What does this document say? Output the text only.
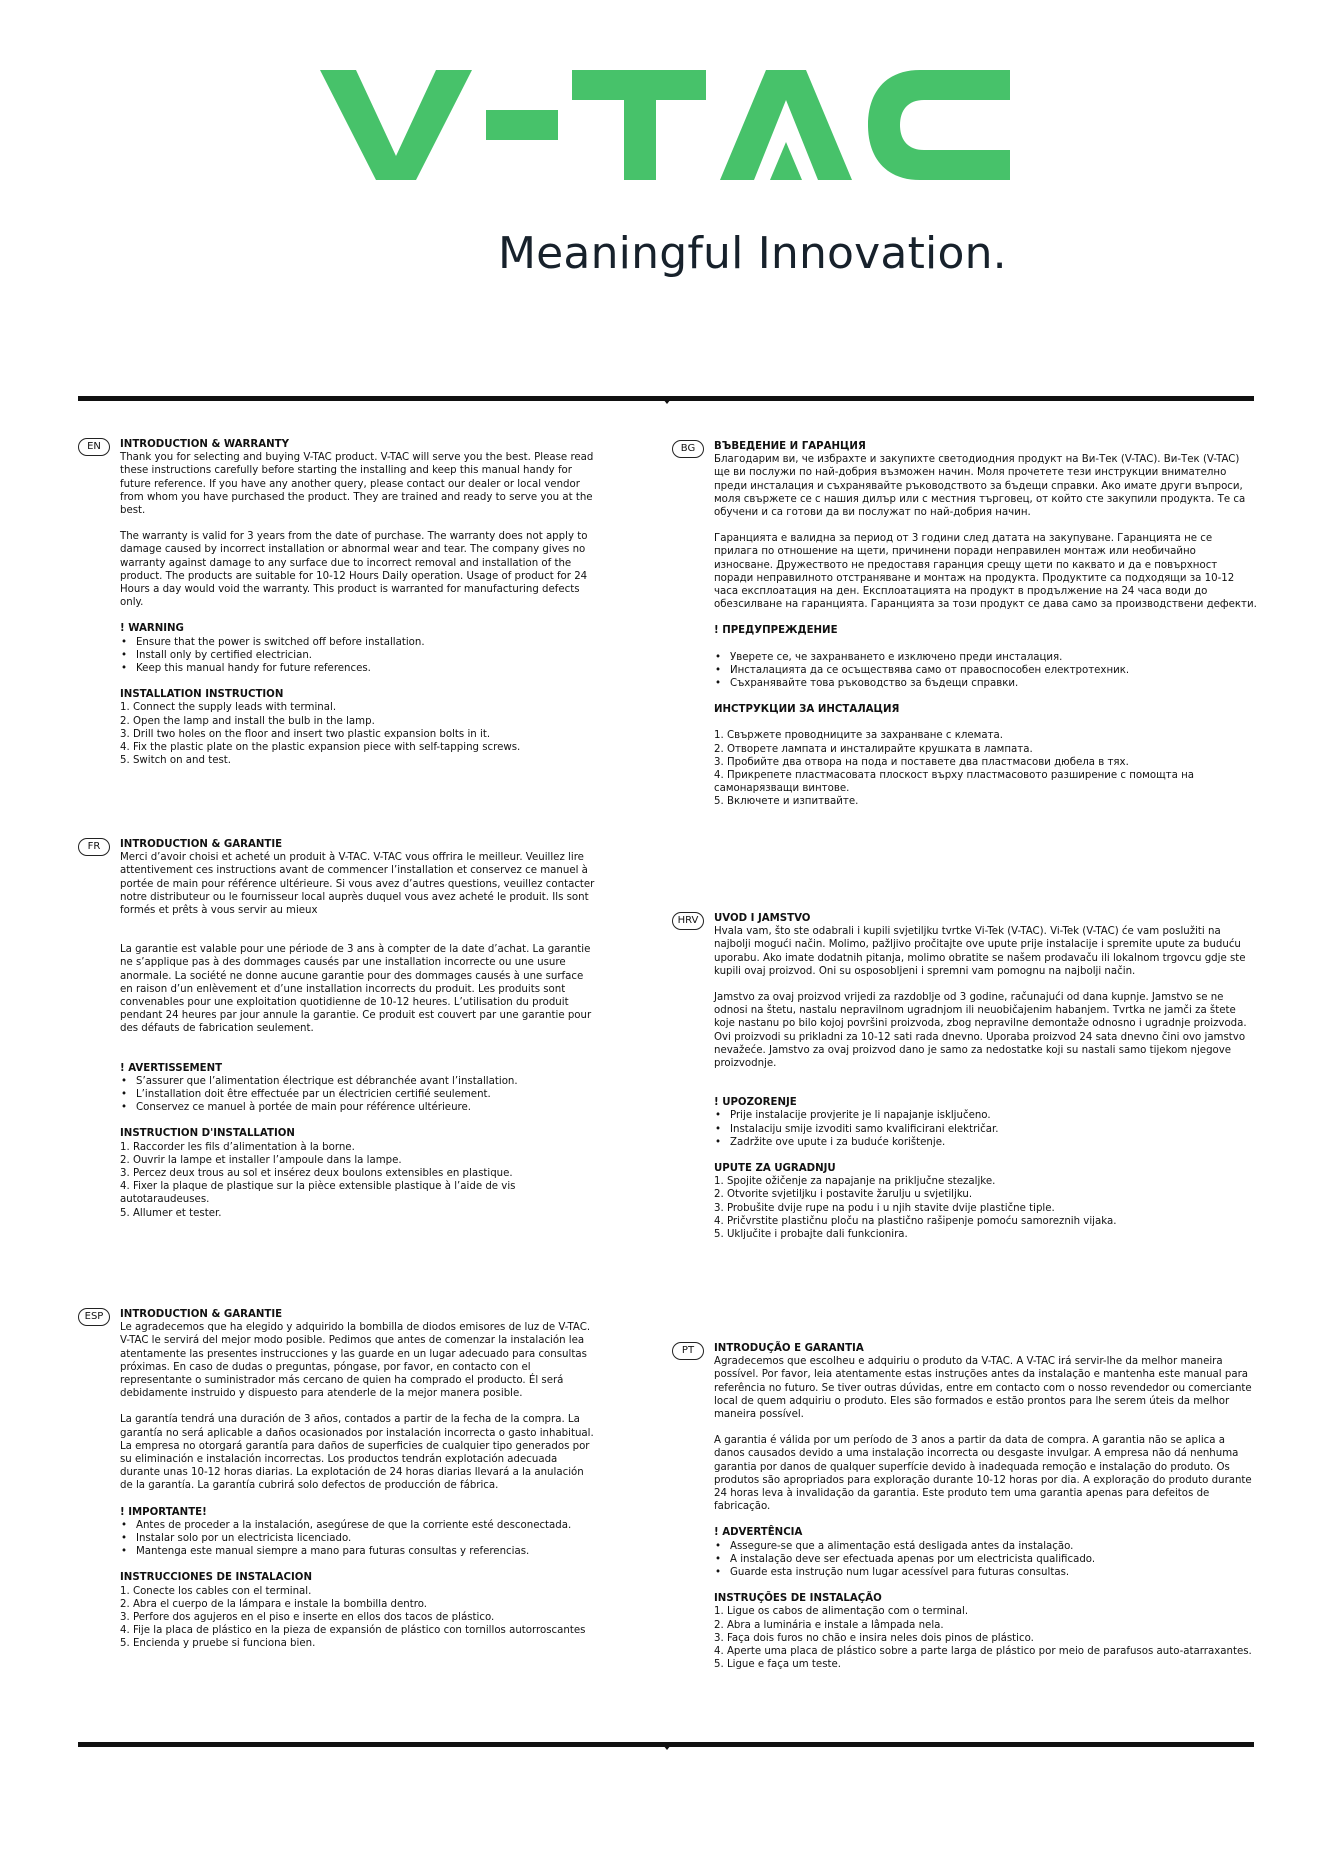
Meaningful Innovation.
EN	INTRODUCTION & WARRANTY

Thank you for selecting and buying V-TAC product. V-TAC will serve you the best. Please read these instructions carefully before starting the installing and keep this manual handy for future reference. If you have any another query, please contact our dealer or local vendor from whom you have purchased the product. They are trained and ready to serve you at the best.

The warranty is valid for 3 years from the date of purchase. The warranty does not apply to damage caused by incorrect installation or abnormal wear and tear. The company gives no warranty against damage to any surface due to incorrect removal and installation of the product. The products are suitable for 10-12 Hours Daily operation. Usage of product for 24 Hours a day would void the warranty. This product is warranted for manufacturing defects only.

! WARNING
• Ensure that the power is switched off before installation.
• Install only by certified electrician.
• Keep this manual handy for future references.
INSTALLATION INSTRUCTION
1. Connect the supply leads with terminal.
2. Open the lamp and install the bulb in the lamp.
3. Drill two holes on the floor and insert two plastic expansion bolts in it.
4. Fix the plastic plate on the plastic expansion piece with self-tapping screws.
5. Switch on and test.
FR	INTRODUCTION & GARANTIE

Merci d’avoir choisi et acheté un produit à V-TAC. V-TAC vous offrira le meilleur. Veuillez lire attentivement ces instructions avant de commencer l’installation et conservez ce manuel à portée de main pour référence ultérieure. Si vous avez d’autres questions, veuillez contacter notre distributeur ou le fournisseur local auprès duquel vous avez acheté le produit. Ils sont formés et prêts à vous servir au mieux

La garantie est valable pour une période de 3 ans à compter de la date d’achat. La garantie ne s’applique pas à des dommages causés par une installation incorrecte ou une usure anormale. La société ne donne aucune garantie pour des dommages causés à une surface en raison d’un enlèvement et d’une installation incorrects du produit. Les produits sont convenables pour une exploitation quotidienne de 10-12 heures. L’utilisation du produit pendant 24 heures par jour annule la garantie. Ce produit est couvert par une garantie pour des défauts de fabrication seulement.

! AVERTISSEMENT
• S’assurer que l’alimentation électrique est débranchée avant l’installation.
• L’installation doit être effectuée par un électricien certifié seulement.
• Conservez ce manuel à portée de main pour référence ultérieure.
INSTRUCTION D'INSTALLATION
1. Raccorder les fils d’alimentation à la borne.
2. Ouvrir la lampe et installer l’ampoule dans la lampe.
3. Percez deux trous au sol et insérez deux boulons extensibles en plastique.
4. Fixer la plaque de plastique sur la pièce extensible plastique à l’aide de vis autotaraudeuses.
5. Allumer et tester.
ESP	INTRODUCTION & GARANTIE

Le agradecemos que ha elegido y adquirido la bombilla de diodos emisores de luz de V-TAC. V-TAC le servirá del mejor modo posible. Pedimos que antes de comenzar la instalación lea atentamente las presentes instrucciones y las guarde en un lugar adecuado para consultas próximas. En caso de dudas o preguntas, póngase, por favor, en contacto con el representante o suministrador más cercano de quien ha comprado el producto. Él será debidamente instruido y dispuesto para atenderle de la mejor manera posible.

La garantía tendrá una duración de 3 años, contados a partir de la fecha de la compra. La garantía no será aplicable a daños ocasionados por instalación incorrecta o gasto inhabitual. La empresa no otorgará garantía para daños de superficies de cualquier tipo generados por su eliminación e instalación incorrectas. Los productos tendrán explotación adecuada durante unas 10-12 horas diarias. La explotación de 24 horas diarias llevará a la anulación de la garantía. La garantía cubrirá solo defectos de producción de fábrica.

! IMPORTANTE!
• Antes de proceder a la instalación, asegúrese de que la corriente esté desconectada.
• Instalar solo por un electricista licenciado.
• Mantenga este manual siempre a mano para futuras consultas y referencias.
INSTRUCCIONES DE INSTALACION
1. Conecte los cables con el terminal.
2. Abra el cuerpo de la lámpara e instale la bombilla dentro.
3. Perfore dos agujeros en el piso e inserte en ellos dos tacos de plástico.
4. Fije la placa de plástico en la pieza de expansión de plástico con tornillos autorroscantes
5. Encienda y pruebe si funciona bien.
BG	ВЪВЕДЕНИЕ И ГАРАНЦИЯ

Благодарим ви, че избрахте и закупихте светодиодния продукт на Ви-Тек (V-TAC). Ви-Тек (V-TAC) ще ви послужи по най-добрия възможен начин. Моля прочетете тези инструкции внимателно преди инсталация и съхранявайте ръководството за бъдещи справки. Ако имате други въпроси, моля свържете се с нашия дилър или с местния търговец, от който сте закупили продукта. Те са обучени и са готови да ви послужат по най-добрия начин.

Гаранцията е валидна за период от 3 години след датата на закупуване. Гаранцията не се прилага по отношение на щети, причинени поради неправилен монтаж или необичайно износване. Дружеството не предоставя гаранция срещу щети по каквато и да е повърхност поради неправилното отстраняване и монтаж на продукта. Продуктите са подходящи за 10-12 часа експлоатация на ден. Експлоатацията на продукт в продължение на 24 часа води до обезсилване на гаранцията. Гаранцията за този продукт се дава само за производствени дефекти.

! ПРЕДУПРЕЖДЕНИЕ
• Уверете се, че захранването е изключено преди инсталация.
• Инсталацията да се осъществява само от правоспособен електротехник.
• Съхранявайте това ръководство за бъдещи справки.
ИНСТРУКЦИИ ЗА ИНСТАЛАЦИЯ
1. Свържете проводниците за захранване с клемата.
2. Отворете лампата и инсталирайте крушката в лампата.
3. Пробийте два отвора на пода и поставете два пластмасови дюбела в тях.
4. Прикрепете пластмасовата плоскост върху пластмасовото разширение с помощта на самонарязващи винтове.
5. Включете и изпитвайте.
HRV	UVOD I JAMSTVO

Hvala vam, što ste odabrali i kupili svjetiljku tvrtke Vi-Tek (V-TAC). Vi-Tek (V-TAC) će vam poslužiti na najbolji mogući način. Molimo, pažljivo pročitajte ove upute prije instalacije i spremite upute za buduću uporabu. Ako imate dodatnih pitanja, molimo obratite se našem prodavaču ili lokalnom trgovcu gdje ste kupili ovaj proizvod. Oni su osposobljeni i spremni vam pomognu na najbolji način.

Jamstvo za ovaj proizvod vrijedi za razdoblje od 3 godine, računajući od dana kupnje. Jamstvo se ne odnosi na štetu, nastalu nepravilnom ugradnjom ili neuobičajenim habanjem. Tvrtka ne jamči za štete koje nastanu po bilo kojoj površini proizvoda, zbog nepravilne demontaže odnosno i ugradnje proizvoda. Ovi proizvodi su prikladni za 10-12 sati rada dnevno. Uporaba proizvod 24 sata dnevno čini ovo jamstvo nevažeće. Jamstvo za ovaj proizvod dano je samo za nedostatke koji su nastali samo tijekom njegove proizvodnje.

! UPOZORENJE
• Prije instalacije provjerite je li napajanje isključeno.
• Instalaciju smije izvoditi samo kvalificirani električar.
• Zadržite ove upute i za buduće korištenje.
UPUTE ZA UGRADNJU
1. Spojite ožičenje za napajanje na priključne stezaljke.
2. Otvorite svjetiljku i postavite žarulju u svjetiljku.
3. Probušite dvije rupe na podu i u njih stavite dvije plastične tiple.
4. Pričvrstite plastičnu ploču na plastično rašірenje pomoću samoreznih vijaka.
5. Uključite i probajte dali funkcionira.
PT	INTRODUÇÃO E GARANTIA

Agradecemos que escolheu e adquiriu o produto da V-TAC. A V-TAC irá servir-lhe da melhor maneira possível. Por favor, leia atentamente estas instruções antes da instalação e mantenha este manual para referência no futuro. Se tiver outras dúvidas, entre em contacto com o nosso revendedor ou comerciante local de quem adquiriu o produto. Eles são formados e estão prontos para lhe serem úteis da melhor maneira possível.

A garantia é válida por um período de 3 anos a partir da data de compra. A garantia não se aplica a danos causados devido a uma instalação incorrecta ou desgaste invulgar. A empresa não dá nenhuma garantia por danos de qualquer superfície devido à inadequada remoção e instalação do produto. Os produtos são apropriados para exploração durante 10-12 horas por dia. A exploração do produto durante 24 horas leva à invalidação da garantia. Este produto tem uma garantia apenas para defeitos de fabricação.

! ADVERTÊNCIA
• Assegure-se que a alimentação está desligada antes da instalação.
• A instalação deve ser efectuada apenas por um electricista qualificado.
• Guarde esta instrução num lugar acessível para futuras consultas.
INSTRUÇÕES DE INSTALAÇÃO
1. Ligue os cabos de alimentação com o terminal.
2. Abra a luminária e instale a lâmpada nela.
3. Faça dois furos no chão e insira neles dois pinos de plástico.
4. Aperte uma placa de plástico sobre a parte larga de plástico por meio de parafusos auto-atarraxantes.
5. Ligue e faça um teste.
